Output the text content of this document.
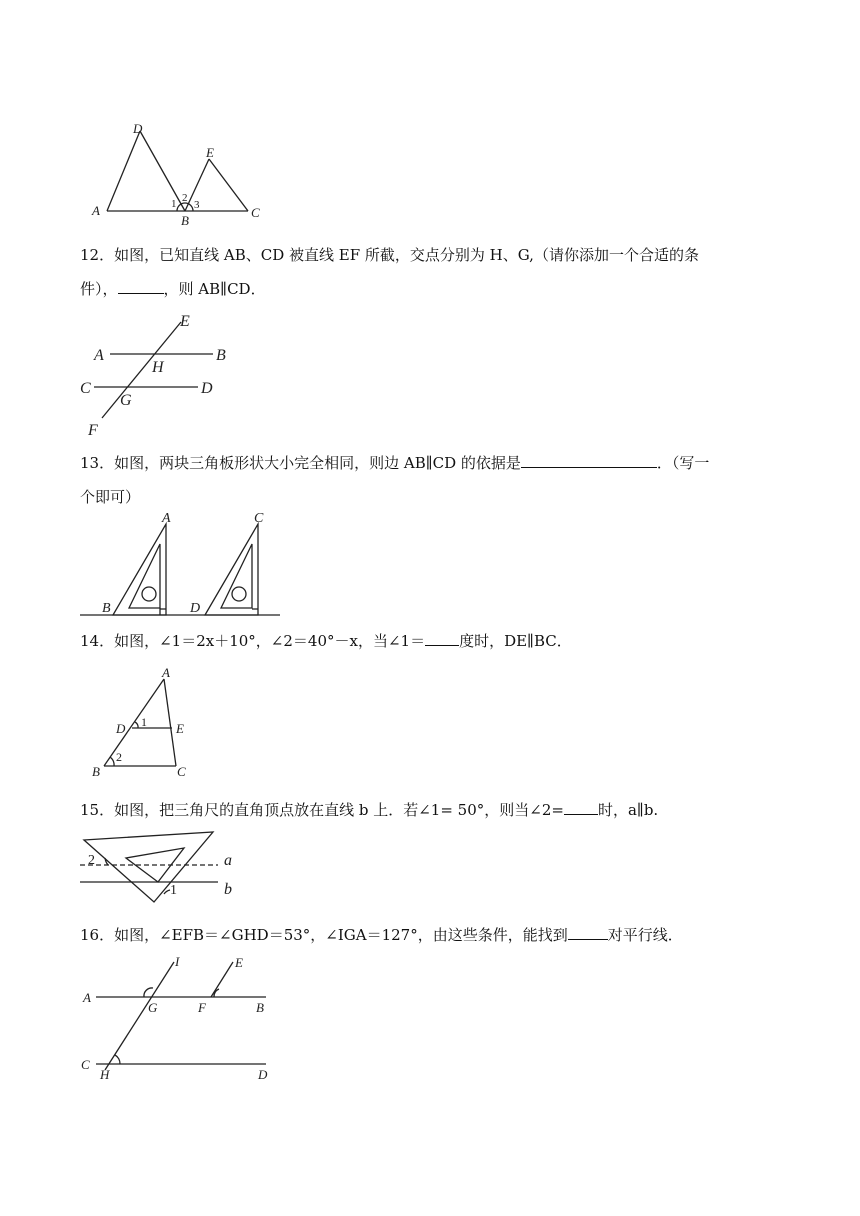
D
E
A
B
C
1 2
3
12．如图，已知直线 AB、CD 被直线 EF 所截，交点分别为 H、G,（请你添加一个合适的条
件），	，则 AB∥CD．
E
A	B
H
C	D
G
F
13．如图，两块三角板形状大小完全相同，则边 AB∥CD 的依据是	．（写一
个即可）
A
B
C
D
14．如图，∠1＝2x＋10°，∠2＝40°－x，当∠1＝ 度时，DE∥BC．
A
D 1 E
2
B	C
15．如图，把三角尺的直角顶点放在直线 b 上．若∠1= 50°，则当∠2= 时，a∥b.
2	a
1	b
16．如图，∠EFB＝∠GHD＝53°，∠IGA＝127°，由这些条件，能找到	对平行线．
I	E
A
G	F	B
C
H	D
